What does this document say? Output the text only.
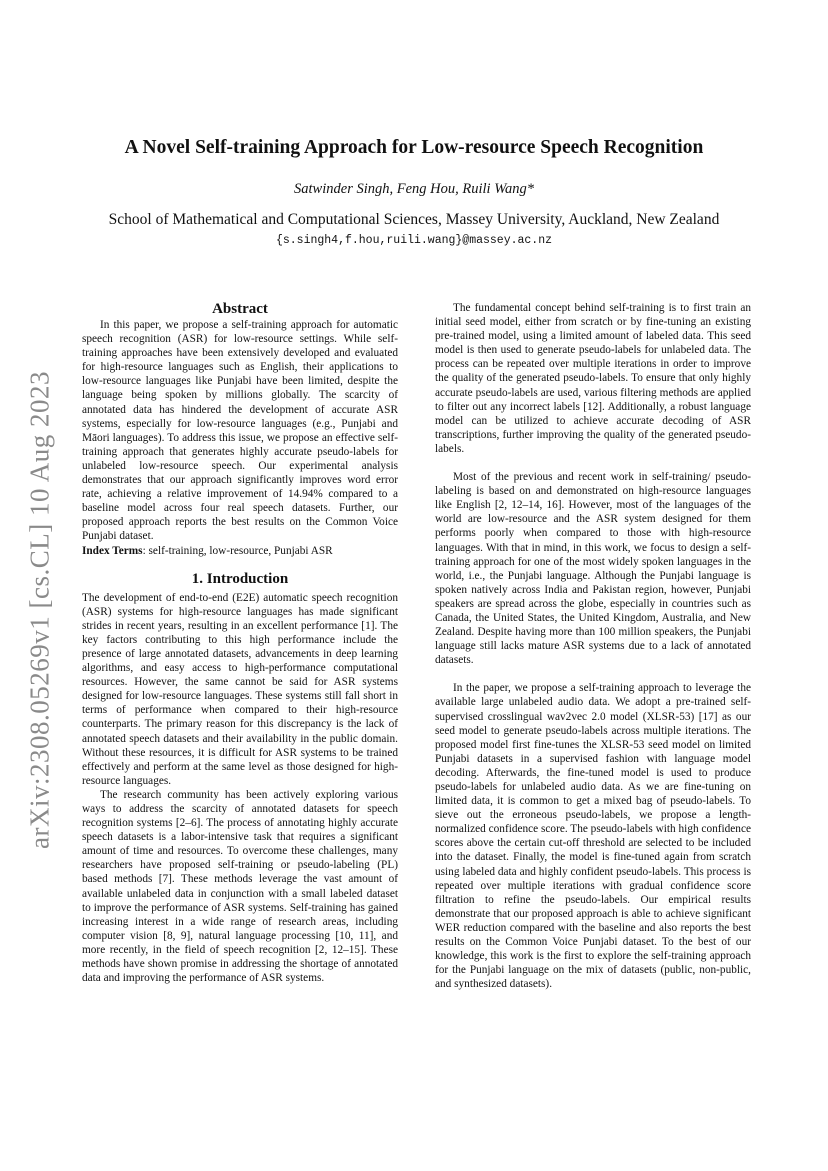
arXiv:2308.05269v1 [cs.CL] 10 Aug 2023
A Novel Self-training Approach for Low-resource Speech Recognition
Satwinder Singh, Feng Hou, Ruili Wang*
School of Mathematical and Computational Sciences, Massey University, Auckland, New Zealand
{s.singh4,f.hou,ruili.wang}@massey.ac.nz
Abstract

In this paper, we propose a self-training approach for automatic speech recognition (ASR) for low-resource settings. While self-training approaches have been extensively developed and evaluated for high-resource languages such as English, their applications to low-resource languages like Punjabi have been limited, despite the language being spoken by millions globally. The scarcity of annotated data has hindered the development of accurate ASR systems, especially for low-resource languages (e.g., Punjabi and Māori languages). To address this issue, we propose an effective self-training approach that generates highly accurate pseudo-labels for unlabeled low-resource speech. Our experimental analysis demonstrates that our approach significantly improves word error rate, achieving a relative improvement of 14.94% compared to a baseline model across four real speech datasets. Further, our proposed approach reports the best results on the Common Voice Punjabi dataset.

Index Terms: self-training, low-resource, Punjabi ASR

1. Introduction

The development of end-to-end (E2E) automatic speech recognition (ASR) systems for high-resource languages has made significant strides in recent years, resulting in an excellent performance [1]. The key factors contributing to this high performance include the presence of large annotated datasets, advancements in deep learning algorithms, and easy access to high-performance computational resources. However, the same cannot be said for ASR systems designed for low-resource languages. These systems still fall short in terms of performance when compared to their high-resource counterparts. The primary reason for this discrepancy is the lack of annotated speech datasets and their availability in the public domain. Without these resources, it is difficult for ASR systems to be trained effectively and perform at the same level as those designed for high-resource languages.

The research community has been actively exploring various ways to address the scarcity of annotated datasets for speech recognition systems [2–6]. The process of annotating highly accurate speech datasets is a labor-intensive task that requires a significant amount of time and resources. To overcome these challenges, many researchers have proposed self-training or pseudo-labeling (PL) based methods [7]. These methods leverage the vast amount of available unlabeled data in conjunction with a small labeled dataset to improve the performance of ASR systems. Self-training has gained increasing interest in a wide range of research areas, including computer vision [8, 9], natural language processing [10, 11], and more recently, in the field of speech recognition [2, 12–15]. These methods have shown promise in addressing the shortage of annotated data and improving the performance of ASR systems.

The fundamental concept behind self-training is to first train an initial seed model, either from scratch or by fine-tuning an existing pre-trained model, using a limited amount of labeled data. This seed model is then used to generate pseudo-labels for unlabeled data. The process can be repeated over multiple iterations in order to improve the quality of the generated pseudo-labels. To ensure that only highly accurate pseudo-labels are used, various filtering methods are applied to filter out any incorrect labels [12]. Additionally, a robust language model can be utilized to achieve accurate decoding of ASR transcriptions, further improving the quality of the generated pseudo-labels.

Most of the previous and recent work in self-training/ pseudo-labeling is based on and demonstrated on high-resource languages like English [2, 12–14, 16]. However, most of the languages of the world are low-resource and the ASR system designed for them performs poorly when compared to those with high-resource languages. With that in mind, in this work, we focus to design a self-training approach for one of the most widely spoken languages in the world, i.e., the Punjabi language. Although the Punjabi language is spoken natively across India and Pakistan region, however, Punjabi speakers are spread across the globe, especially in countries such as Canada, the United States, the United Kingdom, Australia, and New Zealand. Despite having more than 100 million speakers, the Punjabi language still lacks mature ASR systems due to a lack of annotated datasets.

In the paper, we propose a self-training approach to leverage the available large unlabeled audio data. We adopt a pre-trained self-supervised crosslingual wav2vec 2.0 model (XLSR-53) [17] as our seed model to generate pseudo-labels across multiple iterations. The proposed model first fine-tunes the XLSR-53 seed model on limited Punjabi datasets in a supervised fashion with language model decoding. Afterwards, the fine-tuned model is used to produce pseudo-labels for unlabeled audio data. As we are fine-tuning on limited data, it is common to get a mixed bag of pseudo-labels. To sieve out the erroneous pseudo-labels, we propose a length-normalized confidence score. The pseudo-labels with high confidence scores above the certain cut-off threshold are selected to be included into the dataset. Finally, the model is fine-tuned again from scratch using labeled data and highly confident pseudo-labels. This process is repeated over multiple iterations with gradual confidence score filtration to refine the pseudo-labels. Our empirical results demonstrate that our proposed approach is able to achieve significant WER reduction compared with the baseline and also reports the best results on the Common Voice Punjabi dataset. To the best of our knowledge, this work is the first to explore the self-training approach for the Punjabi language on the mix of datasets (public, non-public, and synthesized datasets).
